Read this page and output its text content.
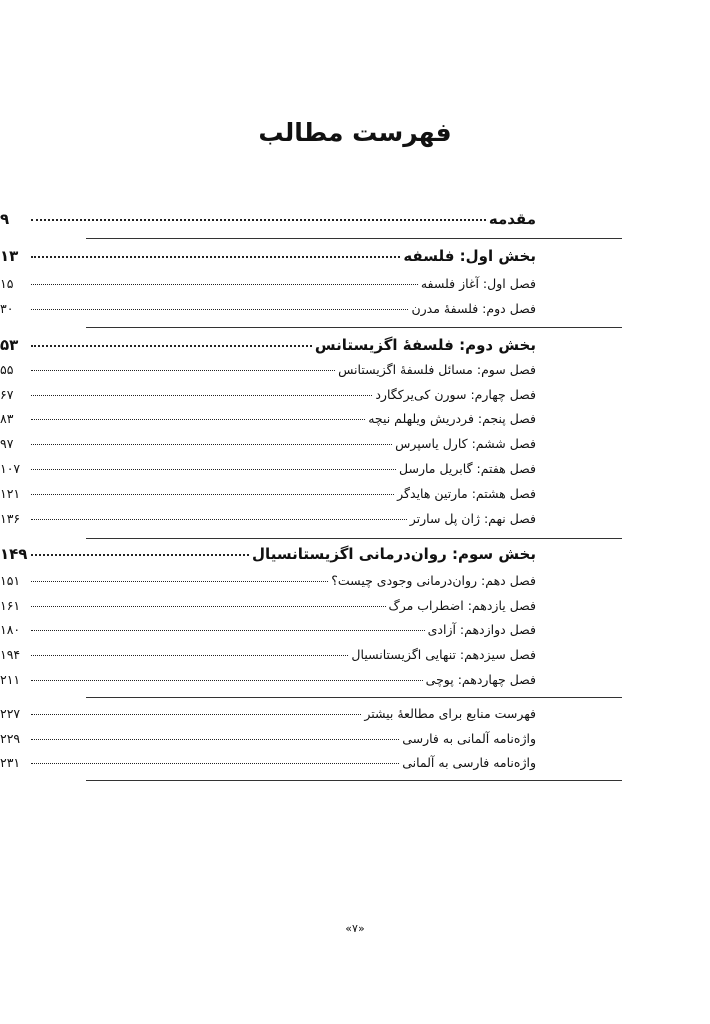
فهرست مطالب
مقدمه
۹
بخش اول: فلسفه
۱۳
فصل اول: آغاز فلسفه
۱۵
فصل دوم: فلسفۀ مدرن
۳۰
بخش دوم: فلسفۀ اگزیستانس
۵۳
فصل سوم: مسائل فلسفۀ اگزیستانس
۵۵
فصل چهارم: سورن کی‌یرکگارد
۶۷
فصل پنجم: فردریش ویلهلم نیچه
۸۳
فصل ششم: کارل یاسپرس
۹۷
فصل هفتم: گابریل مارسل
۱۰۷
فصل هشتم: مارتین هایدگر
۱۲۱
فصل نهم: ژان پل سارتر
۱۳۶
بخش سوم: روان‌درمانی اگزیستانسیال
۱۴۹
فصل دهم: روان‌درمانی وجودی چیست؟
۱۵۱
فصل یازدهم: اضطراب مرگ
۱۶۱
فصل دوازدهم: آزادی
۱۸۰
فصل سیزدهم: تنهایی اگزیستانسیال
۱۹۴
فصل چهاردهم: پوچی
۲۱۱
فهرست منابع برای مطالعۀ بیشتر
۲۲۷
واژه‌نامه آلمانی به فارسی
۲۲۹
واژه‌نامه فارسی به آلمانی
۲۳۱
«۷»
